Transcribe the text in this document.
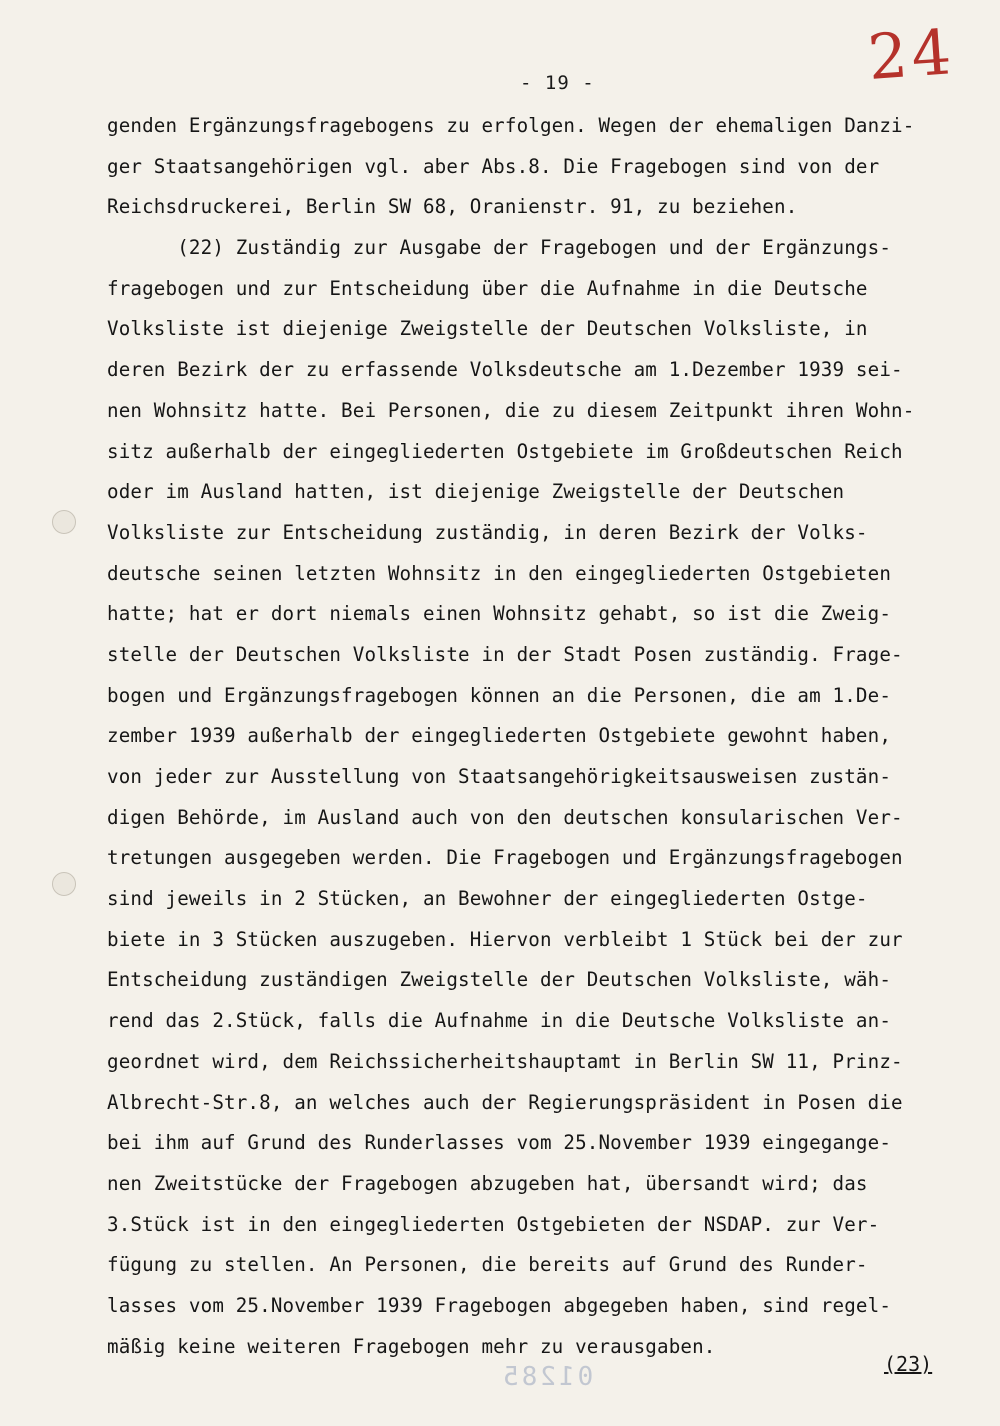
24
- 19 -
genden Ergänzungsfragebogens zu erfolgen. Wegen der ehemaligen Danzi-
ger Staatsangehörigen vgl. aber Abs.8. Die Fragebogen sind von der
Reichsdruckerei, Berlin SW 68, Oranienstr. 91, zu beziehen.
(22) Zuständig zur Ausgabe der Fragebogen und der Ergänzungs-
fragebogen und zur Entscheidung über die Aufnahme in die Deutsche
Volksliste ist diejenige Zweigstelle der Deutschen Volksliste, in
deren Bezirk der zu erfassende Volksdeutsche am 1.Dezember 1939 sei-
nen Wohnsitz hatte. Bei Personen, die zu diesem Zeitpunkt ihren Wohn-
sitz außerhalb der eingegliederten Ostgebiete im Großdeutschen Reich
oder im Ausland hatten, ist diejenige Zweigstelle der Deutschen
Volksliste zur Entscheidung zuständig, in deren Bezirk der Volks-
deutsche seinen letzten Wohnsitz in den eingegliederten Ostgebieten
hatte; hat er dort niemals einen Wohnsitz gehabt, so ist die Zweig-
stelle der Deutschen Volksliste in der Stadt Posen zuständig. Frage-
bogen und Ergänzungsfragebogen können an die Personen, die am 1.De-
zember 1939 außerhalb der eingegliederten Ostgebiete gewohnt haben,
von jeder zur Ausstellung von Staatsangehörigkeitsausweisen zustän-
digen Behörde, im Ausland auch von den deutschen konsularischen Ver-
tretungen ausgegeben werden. Die Fragebogen und Ergänzungsfragebogen
sind jeweils in 2 Stücken, an Bewohner der eingegliederten Ostge-
biete in 3 Stücken auszugeben. Hiervon verbleibt 1 Stück bei der zur
Entscheidung zuständigen Zweigstelle der Deutschen Volksliste, wäh-
rend das 2.Stück, falls die Aufnahme in die Deutsche Volksliste an-
geordnet wird, dem Reichssicherheitshauptamt in Berlin SW 11, Prinz-
Albrecht-Str.8, an welches auch der Regierungspräsident in Posen die
bei ihm auf Grund des Runderlasses vom 25.November 1939 eingegange-
nen Zweitstücke der Fragebogen abzugeben hat, übersandt wird; das
3.Stück ist in den eingegliederten Ostgebieten der NSDAP. zur Ver-
fügung zu stellen. An Personen, die bereits auf Grund des Runder-
lasses vom 25.November 1939 Fragebogen abgegeben haben, sind regel-
mäßig keine weiteren Fragebogen mehr zu verausgaben.
01285	(23)
